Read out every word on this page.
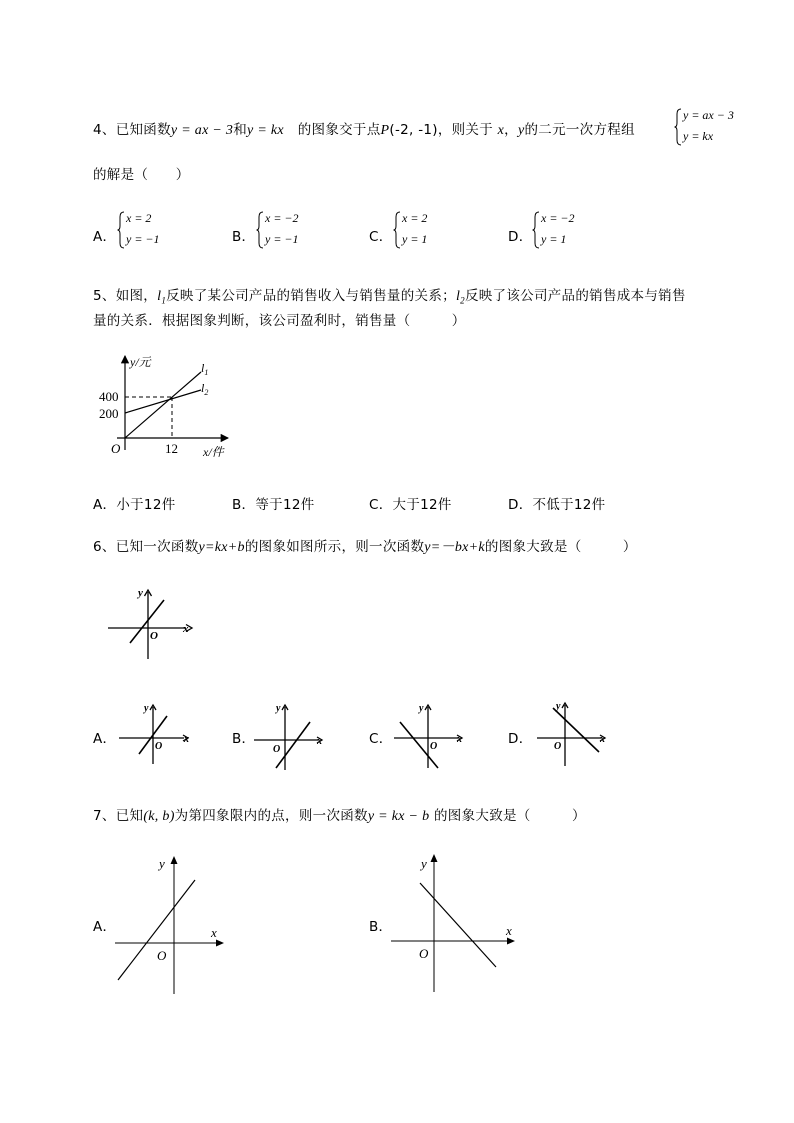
4、已知函数y = ax − 3和y = kx 的图象交于点P(-2, -1)，则关于 x，y的二元一次方程组
y = ax − 3
y = kx
的解是（　　）
A．
x = 2
y = −1	B．
x = −2
y = −1	C．
x = 2
y = 1	D．
x = −2
y = 1
5、如图，$l_1$反映了某公司产品的销售收入与销售量的关系；$l_2$反映了该公司产品的销售成本与销售
量的关系．根据图象判断，该公司盈利时，销售量（　　　）
y/元
x/件
O
400
200
12
$l_1$
$l_2$
A．小于12件	B．等于12件	C．大于12件	D．不低于12件
6、已知一次函数y=kx+b的图象如图所示，则一次函数y=－bx+k的图象大致是（　　　）
x
y
O
A．	x
y
O	B．	x
y
O
C．	x
y
O	D．	x
y
O
7、已知(k, b)为第四象限内的点，则一次函数y = kx − b 的图象大致是（　　　）
A．	x
y
O
B．	x
y
O
